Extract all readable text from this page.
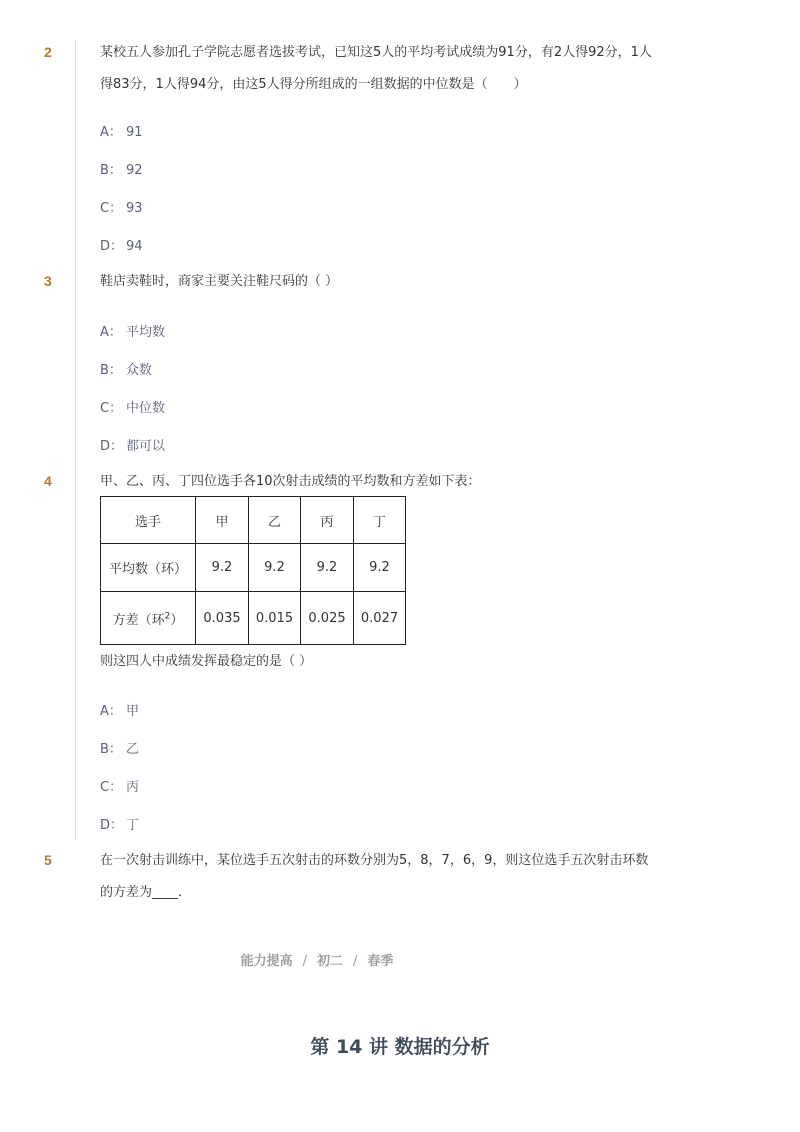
2	某校五人参加孔子学院志愿者选拔考试，已知这5人的平均考试成绩为91分，有2人得92分，1人
得83分，1人得94分，由这5人得分所组成的一组数据的中位数是（　　）
A： 91
B： 92
C： 93
D： 94
3	鞋店卖鞋时，商家主要关注鞋尺码的（ ）
A： 平均数
B： 众数
C： 中位数
D： 都可以
4	甲、乙、丙、丁四位选手各10次射击成绩的平均数和方差如下表：
选手	甲	乙	丙	丁
平均数（环）	9.2	9.2	9.2	9.2
方差（环$^2$）	0.035	0.015	0.025	0.027
则这四人中成绩发挥最稳定的是（ ）
A： 甲
B： 乙
C： 丙
D： 丁
5	在一次射击训练中，某位选手五次射击的环数分别为5，8，7，6，9，则这位选手五次射击环数
的方差为____．
能力提高 / 初二 / 春季
第 14 讲 数据的分析
